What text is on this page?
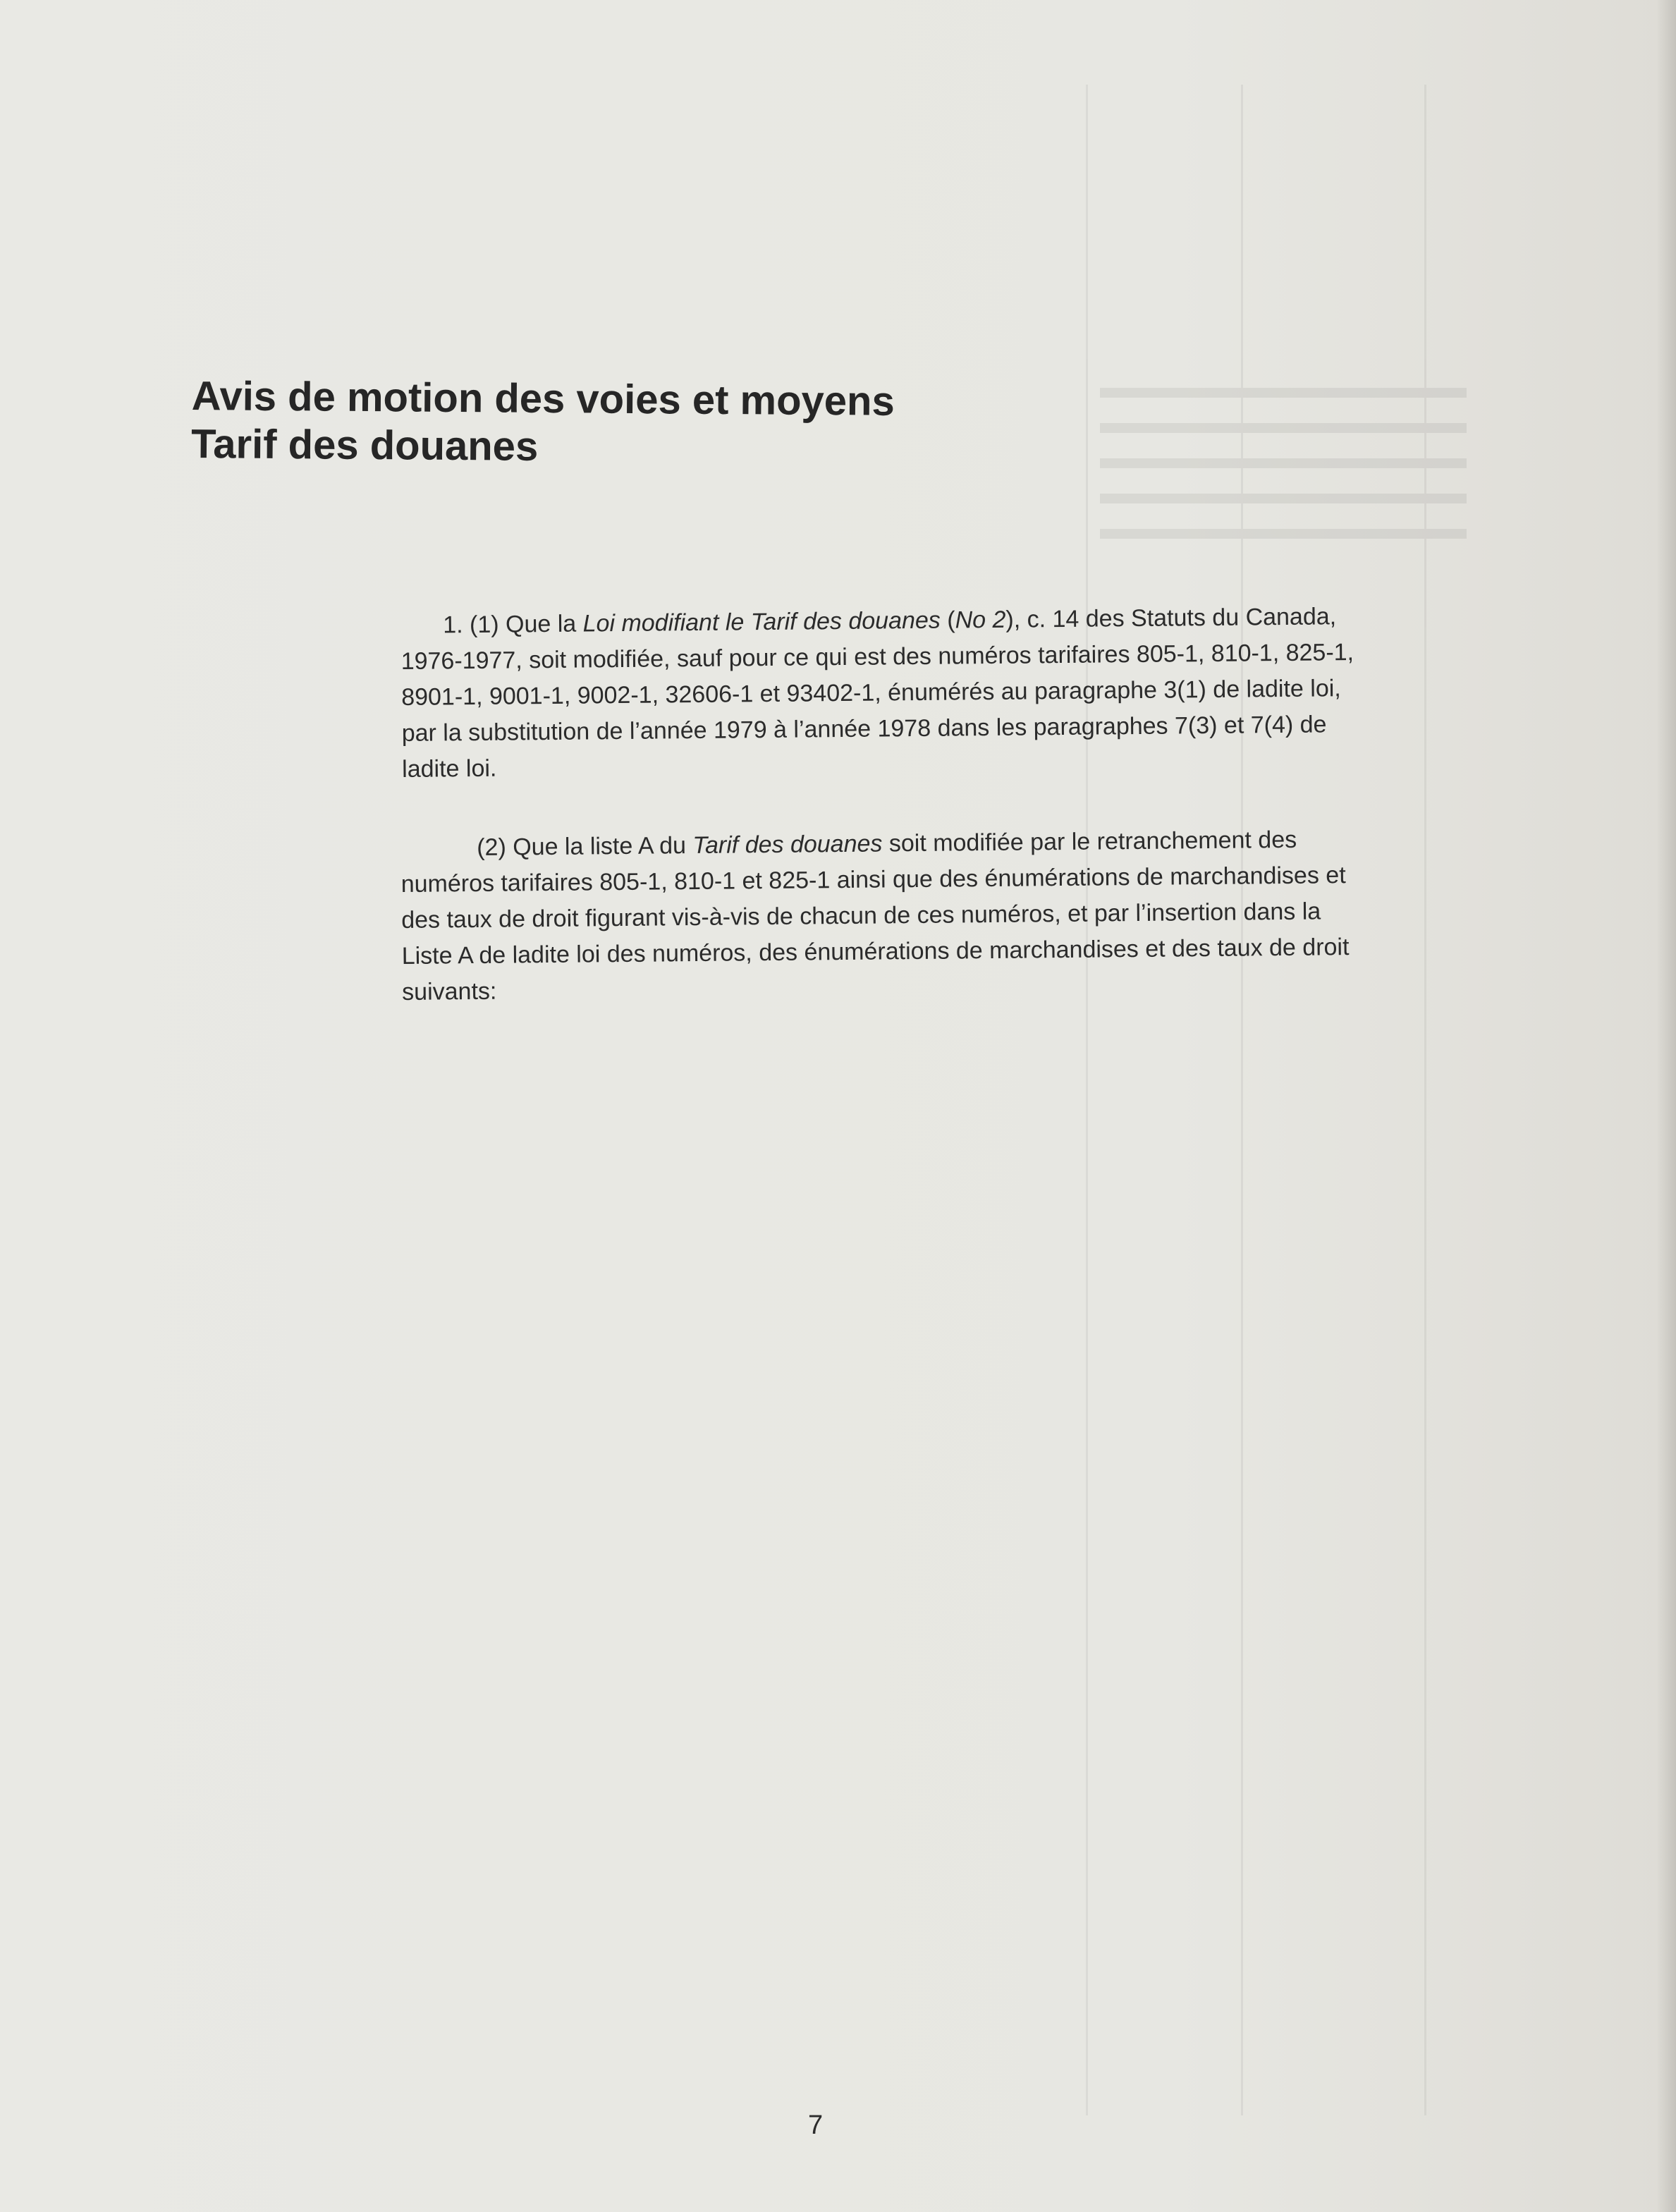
Avis de motion des voies et moyens
Tarif des douanes
1. (1) Que la Loi modifiant le Tarif des douanes (No 2), c. 14 des Statuts du Canada,
1976-1977, soit modifiée, sauf pour ce qui est des numéros tarifaires 805-1, 810-1, 825-1,
8901-1, 9001-1, 9002-1, 32606-1 et 93402-1, énumérés au paragraphe 3(1) de ladite loi,
par la substitution de l’année 1979 à l’année 1978 dans les paragraphes 7(3) et 7(4) de
ladite loi.
(2) Que la liste A du Tarif des douanes soit modifiée par le retranchement des
numéros tarifaires 805-1, 810-1 et 825-1 ainsi que des énumérations de marchandises et
des taux de droit figurant vis-à-vis de chacun de ces numéros, et par l’insertion dans la
Liste A de ladite loi des numéros, des énumérations de marchandises et des taux de droit
suivants:
7
